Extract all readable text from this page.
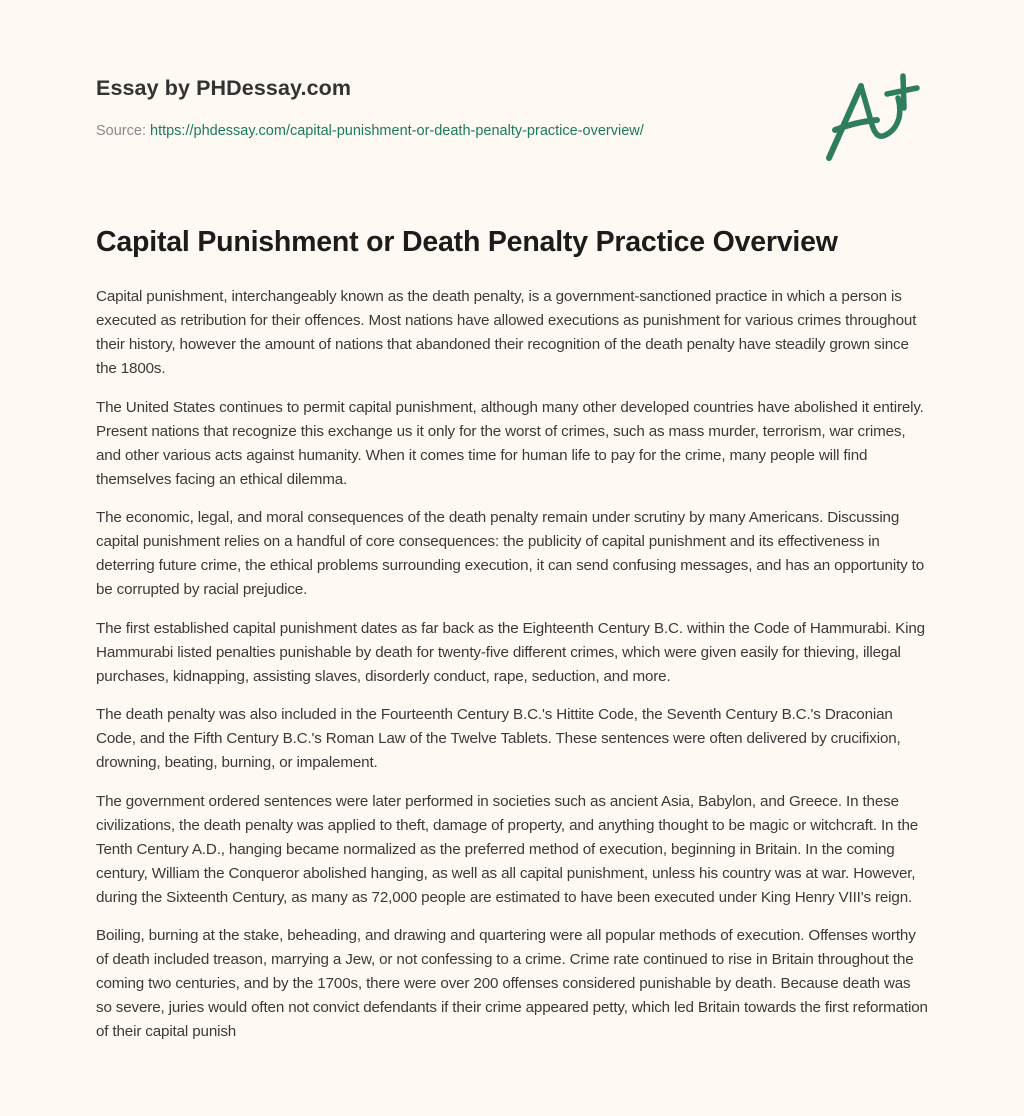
Essay by PHDessay.com
Source: https://phdessay.com/capital-punishment-or-death-penalty-practice-overview/
Capital Punishment or Death Penalty Practice Overview

Capital punishment, interchangeably known as the death penalty, is a government-sanctioned practice in which a person is executed as retribution for their offences. Most nations have allowed executions as punishment for various crimes throughout their history, however the amount of nations that abandoned their recognition of the death penalty have steadily grown since the 1800s.

The United States continues to permit capital punishment, although many other developed countries have abolished it entirely. Present nations that recognize this exchange us it only for the worst of crimes, such as mass murder, terrorism, war crimes, and other various acts against humanity. When it comes time for human life to pay for the crime, many people will find themselves facing an ethical dilemma.

The economic, legal, and moral consequences of the death penalty remain under scrutiny by many Americans. Discussing capital punishment relies on a handful of core consequences: the publicity of capital punishment and its effectiveness in deterring future crime, the ethical problems surrounding execution, it can send confusing messages, and has an opportunity to be corrupted by racial prejudice.

The first established capital punishment dates as far back as the Eighteenth Century B.C. within the Code of Hammurabi. King Hammurabi listed penalties punishable by death for twenty-five different crimes, which were given easily for thieving, illegal purchases, kidnapping, assisting slaves, disorderly conduct, rape, seduction, and more.

The death penalty was also included in the Fourteenth Century B.C.'s Hittite Code, the Seventh Century B.C.'s Draconian Code, and the Fifth Century B.C.'s Roman Law of the Twelve Tablets. These sentences were often delivered by crucifixion, drowning, beating, burning, or impalement.

The government ordered sentences were later performed in societies such as ancient Asia, Babylon, and Greece. In these civilizations, the death penalty was applied to theft, damage of property, and anything thought to be magic or witchcraft. In the Tenth Century A.D., hanging became normalized as the preferred method of execution, beginning in Britain. In the coming century, William the Conqueror abolished hanging, as well as all capital punishment, unless his country was at war. However, during the Sixteenth Century, as many as 72,000 people are estimated to have been executed under King Henry VIII's reign.

Boiling, burning at the stake, beheading, and drawing and quartering were all popular methods of execution. Offenses worthy of death included treason, marrying a Jew, or not confessing to a crime. Crime rate continued to rise in Britain throughout the coming two centuries, and by the 1700s, there were over 200 offenses considered punishable by death. Because death was so severe, juries would often not convict defendants if their crime appeared petty, which led Britain towards the first reformation of their capital punish
